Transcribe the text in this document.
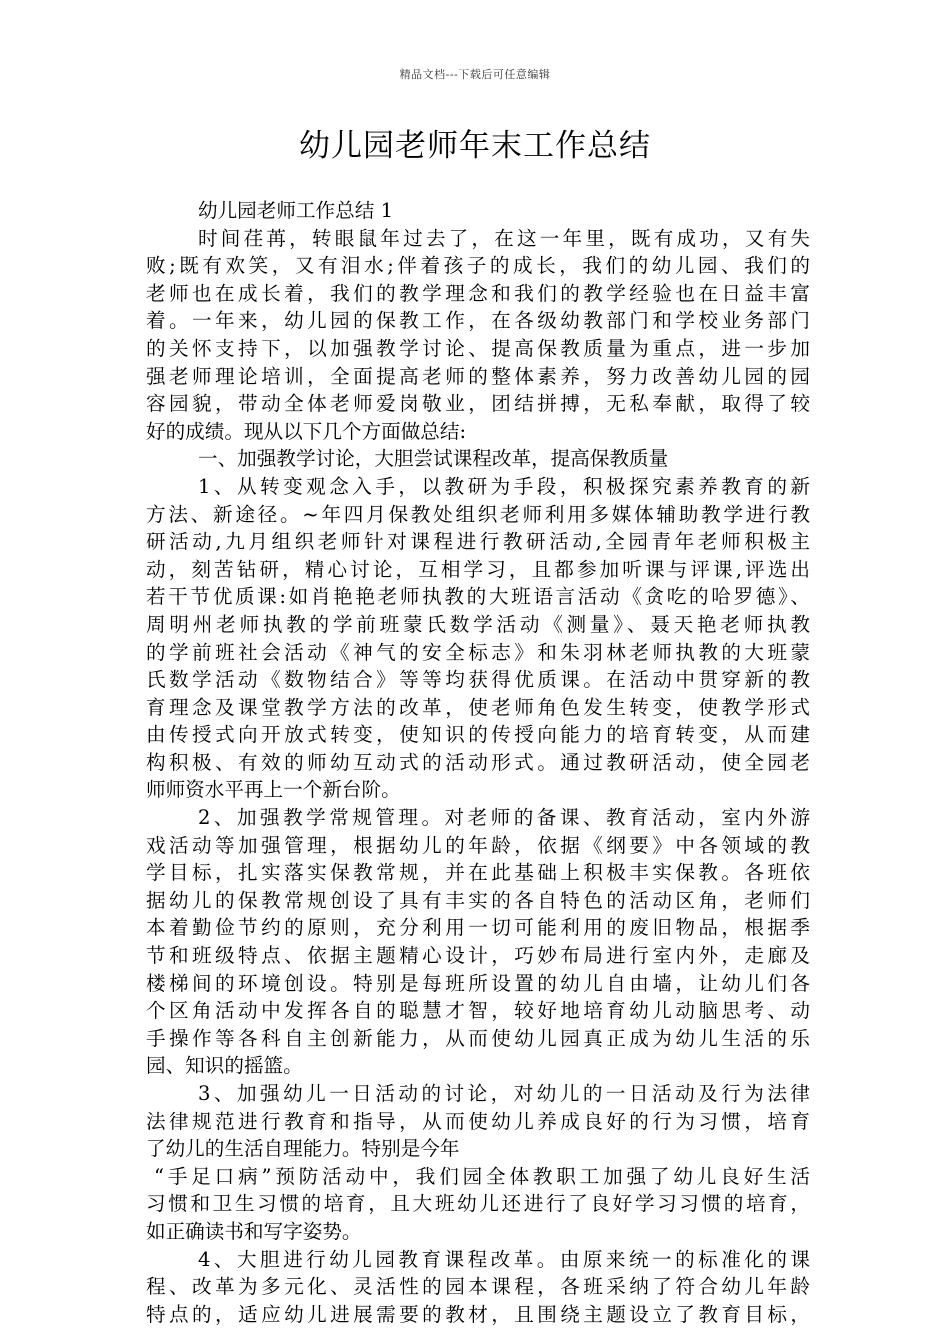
精品文档---下载后可任意编辑
幼儿园老师年末工作总结
幼儿园老师工作总结 1
时间荏苒，转眼鼠年过去了，在这一年里，既有成功，又有失
败;既有欢笑，又有泪水;伴着孩子的成长，我们的幼儿园、我们的
老师也在成长着，我们的教学理念和我们的教学经验也在日益丰富
着。一年来，幼儿园的保教工作，在各级幼教部门和学校业务部门
的关怀支持下，以加强教学讨论、提高保教质量为重点，进一步加
强老师理论培训，全面提高老师的整体素养，努力改善幼儿园的园
容园貌，带动全体老师爱岗敬业，团结拼搏，无私奉献，取得了较
好的成绩。现从以下几个方面做总结:
一、加强教学讨论，大胆尝试课程改革，提高保教质量
1、从转变观念入手，以教研为手段，积极探究素养教育的新
方法、新途径。~年四月保教处组织老师利用多媒体辅助教学进行教
研活动,九月组织老师针对课程进行教研活动,全园青年老师积极主
动，刻苦钻研，精心讨论，互相学习，且都参加听课与评课,评选出
若干节优质课:如肖艳艳老师执教的大班语言活动《贪吃的哈罗德》、
周明州老师执教的学前班蒙氏数学活动《测量》、聂天艳老师执教
的学前班社会活动《神气的安全标志》和朱羽林老师执教的大班蒙
氏数学活动《数物结合》等等均获得优质课。在活动中贯穿新的教
育理念及课堂教学方法的改革，使老师角色发生转变，使教学形式
由传授式向开放式转变，使知识的传授向能力的培育转变，从而建
构积极、有效的师幼互动式的活动形式。通过教研活动，使全园老
师师资水平再上一个新台阶。
2、加强教学常规管理。对老师的备课、教育活动，室内外游
戏活动等加强管理，根据幼儿的年龄，依据《纲要》中各领域的教
学目标，扎实落实保教常规，并在此基础上积极丰实保教。各班依
据幼儿的保教常规创设了具有丰实的各自特色的活动区角，老师们
本着勤俭节约的原则，充分利用一切可能利用的废旧物品，根据季
节和班级特点、依据主题精心设计，巧妙布局进行室内外，走廊及
楼梯间的环境创设。特别是每班所设置的幼儿自由墙，让幼儿们各
个区角活动中发挥各自的聪慧才智，较好地培育幼儿动脑思考、动
手操作等各科自主创新能力，从而使幼儿园真正成为幼儿生活的乐
园、知识的摇篮。
3、加强幼儿一日活动的讨论，对幼儿的一日活动及行为法律
法律规范进行教育和指导，从而使幼儿养成良好的行为习惯，培育
了幼儿的生活自理能力。特别是今年
“手足口病”预防活动中，我们园全体教职工加强了幼儿良好生活
习惯和卫生习惯的培育，且大班幼儿还进行了良好学习习惯的培育，
如正确读书和写字姿势。
4、大胆进行幼儿园教育课程改革。由原来统一的标准化的课
程、改革为多元化、灵活性的园本课程，各班采纳了符合幼儿年龄
特点的，适应幼儿进展需要的教材，且围绕主题设立了教育目标，
